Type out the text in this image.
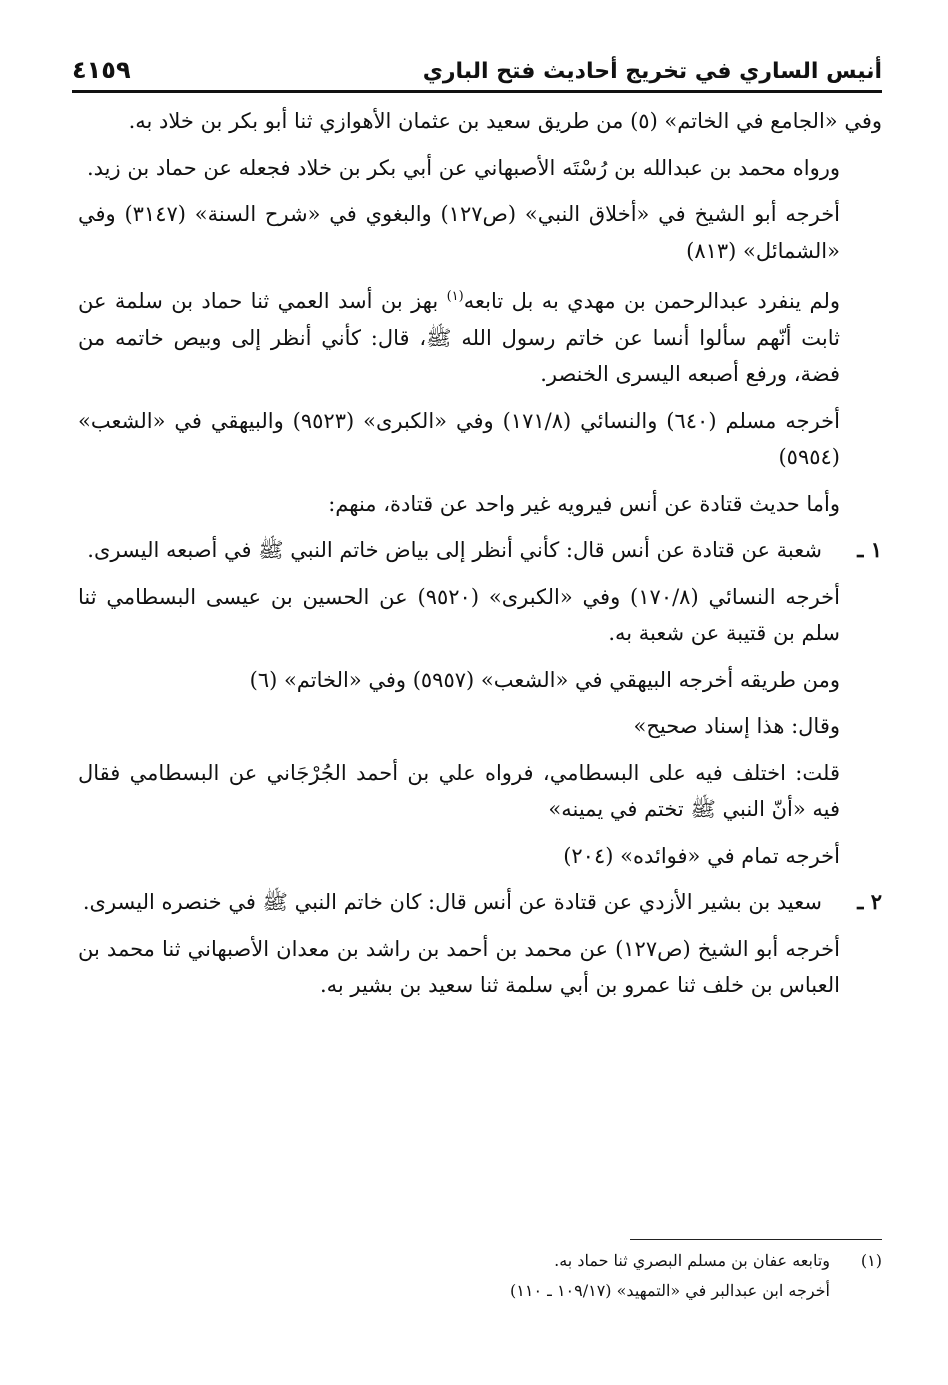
أنيس الساري في تخريج أحاديث فتح الباري
٤١٥٩

وفي «الجامع في الخاتم» (٥) من طريق سعيد بن عثمان الأهوازي ثنا أبو بكر بن خلاد به.

ورواه محمد بن عبدالله بن رُسْتَه الأصبهاني عن أبي بكر بن خلاد فجعله عن حماد بن زيد.

أخرجه أبو الشيخ في «أخلاق النبي» (ص١٢٧) والبغوي في «شرح السنة» (٣١٤٧) وفي «الشمائل» (٨١٣)

ولم ينفرد عبدالرحمن بن مهدي به بل تابعه$^{(١)}$ بهز بن أسد العمي ثنا حماد بن سلمة عن ثابت أنّهم سألوا أنسا عن خاتم رسول الله ﷺ، قال: كأني أنظر إلى وبيص خاتمه من فضة، ورفع أصبعه اليسرى الخنصر.

أخرجه مسلم (٦٤٠) والنسائي (١٧١/٨) وفي «الكبرى» (٩٥٢٣) والبيهقي في «الشعب» (٥٩٥٤)

وأما حديث قتادة عن أنس فيرويه غير واحد عن قتادة، منهم:

١ ـ
شعبة عن قتادة عن أنس قال: كأني أنظر إلى بياض خاتم النبي ﷺ في أصبعه اليسرى.

أخرجه النسائي (١٧٠/٨) وفي «الكبرى» (٩٥٢٠) عن الحسين بن عيسى البسطامي ثنا سلم بن قتيبة عن شعبة به.

ومن طريقه أخرجه البيهقي في «الشعب» (٥٩٥٧) وفي «الخاتم» (٦)

وقال: هذا إسناد صحيح»

قلت: اختلف فيه على البسطامي، فرواه علي بن أحمد الجُرْجَاني عن البسطامي فقال فيه «أنّ النبي ﷺ تختم في يمينه»

أخرجه تمام في «فوائده» (٢٠٤)

٢ ـ
سعيد بن بشير الأزدي عن قتادة عن أنس قال: كان خاتم النبي ﷺ في خنصره اليسرى.

أخرجه أبو الشيخ (ص١٢٧) عن محمد بن أحمد بن راشد بن معدان الأصبهاني ثنا محمد بن العباس بن خلف ثنا عمرو بن أبي سلمة ثنا سعيد بن بشير به.

(١)
وتابعه عفان بن مسلم البصري ثنا حماد به.
أخرجه ابن عبدالبر في «التمهيد» (١٠٩/١٧ ـ ١١٠)
